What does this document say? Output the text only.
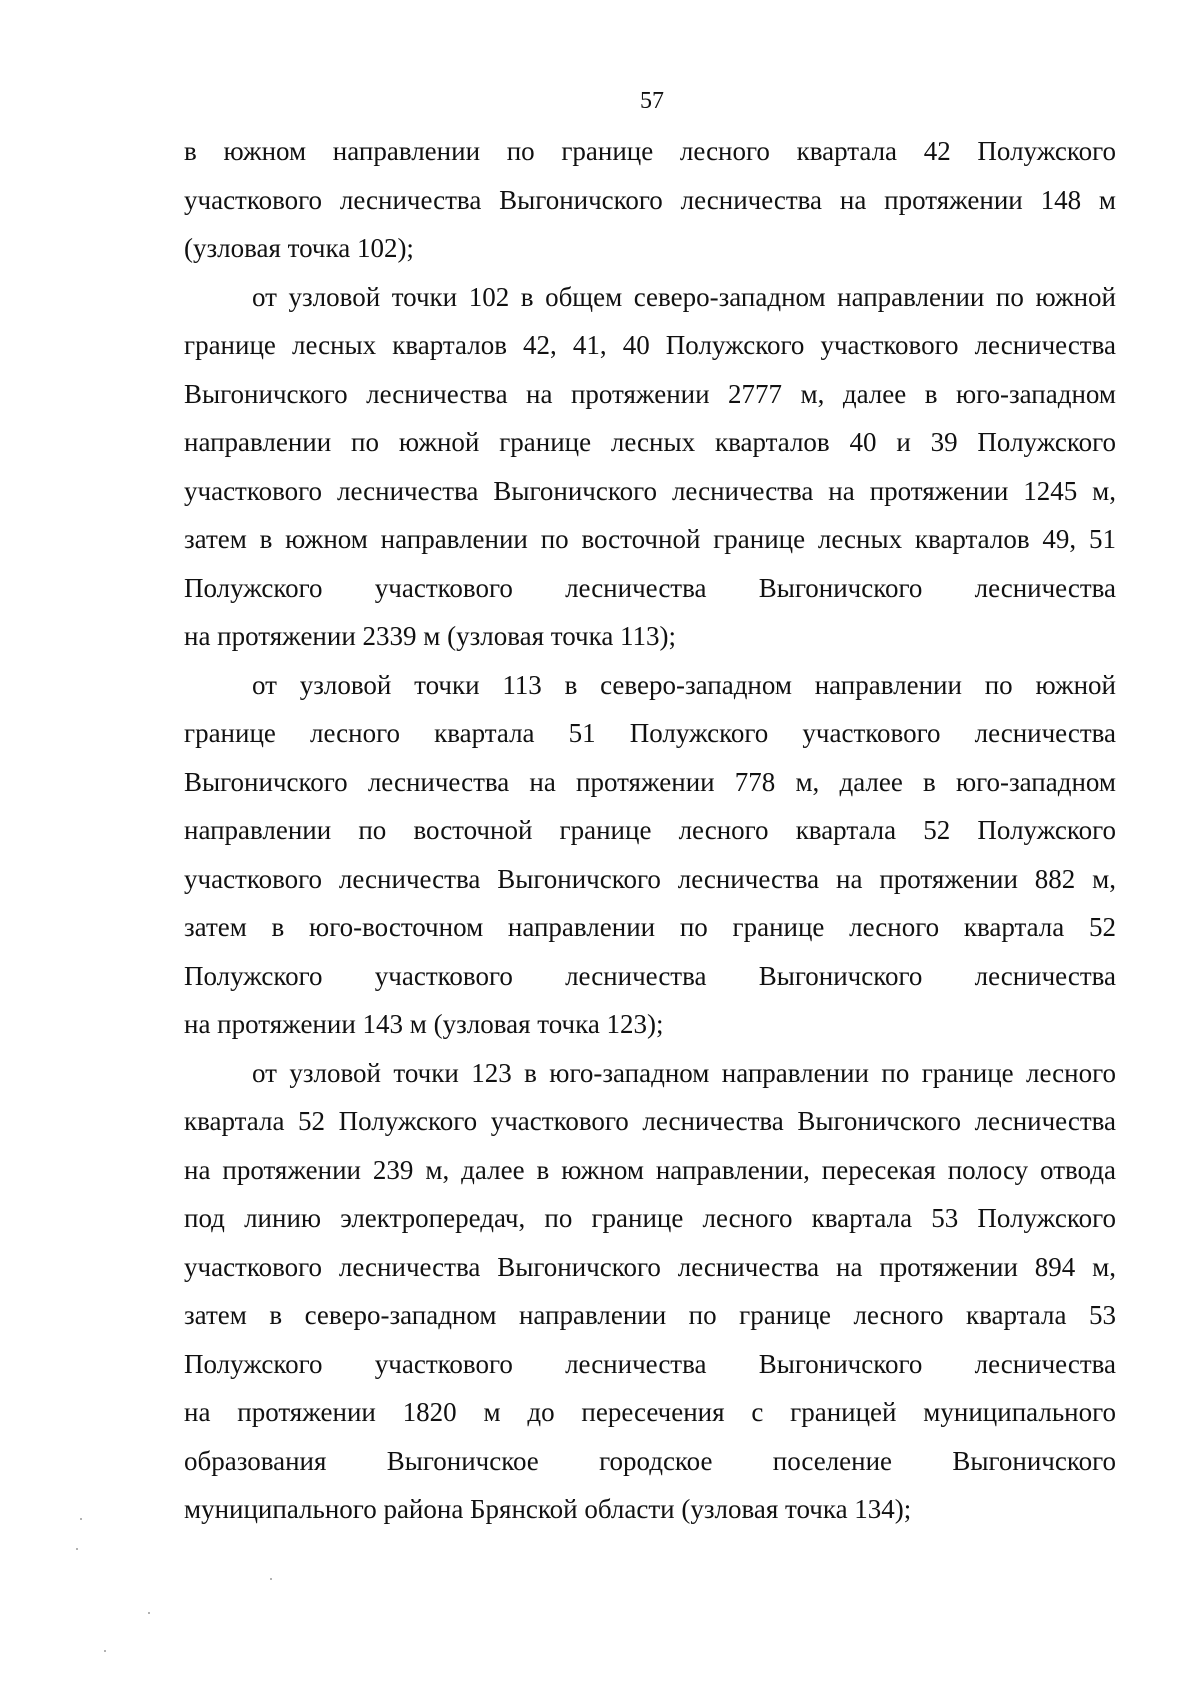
57

в южном направлении по границе лесного квартала 42 Полужского
участкового лесничества Выгоничского лесничества на протяжении 148 м
(узловая точка 102);

от узловой точки 102 в общем северо-западном направлении по южной
границе лесных кварталов 42, 41, 40 Полужского участкового лесничества
Выгоничского лесничества на протяжении 2777 м, далее в юго-западном
направлении по южной границе лесных кварталов 40 и 39 Полужского
участкового лесничества Выгоничского лесничества на протяжении 1245 м,
затем в южном направлении по восточной границе лесных кварталов 49, 51
Полужского участкового лесничества Выгоничского лесничества
на протяжении 2339 м (узловая точка 113);

от узловой точки 113 в северо-западном направлении по южной
границе лесного квартала 51 Полужского участкового лесничества
Выгоничского лесничества на протяжении 778 м, далее в юго-западном
направлении по восточной границе лесного квартала 52 Полужского
участкового лесничества Выгоничского лесничества на протяжении 882 м,
затем в юго-восточном направлении по границе лесного квартала 52
Полужского участкового лесничества Выгоничского лесничества
на протяжении 143 м (узловая точка 123);

от узловой точки 123 в юго-западном направлении по границе лесного
квартала 52 Полужского участкового лесничества Выгоничского лесничества
на протяжении 239 м, далее в южном направлении, пересекая полосу отвода
под линию электропередач, по границе лесного квартала 53 Полужского
участкового лесничества Выгоничского лесничества на протяжении 894 м,
затем в северо-западном направлении по границе лесного квартала 53
Полужского участкового лесничества Выгоничского лесничества
на протяжении 1820 м до пересечения с границей муниципального
образования Выгоничское городское поселение Выгоничского
муниципального района Брянской области (узловая точка 134);
